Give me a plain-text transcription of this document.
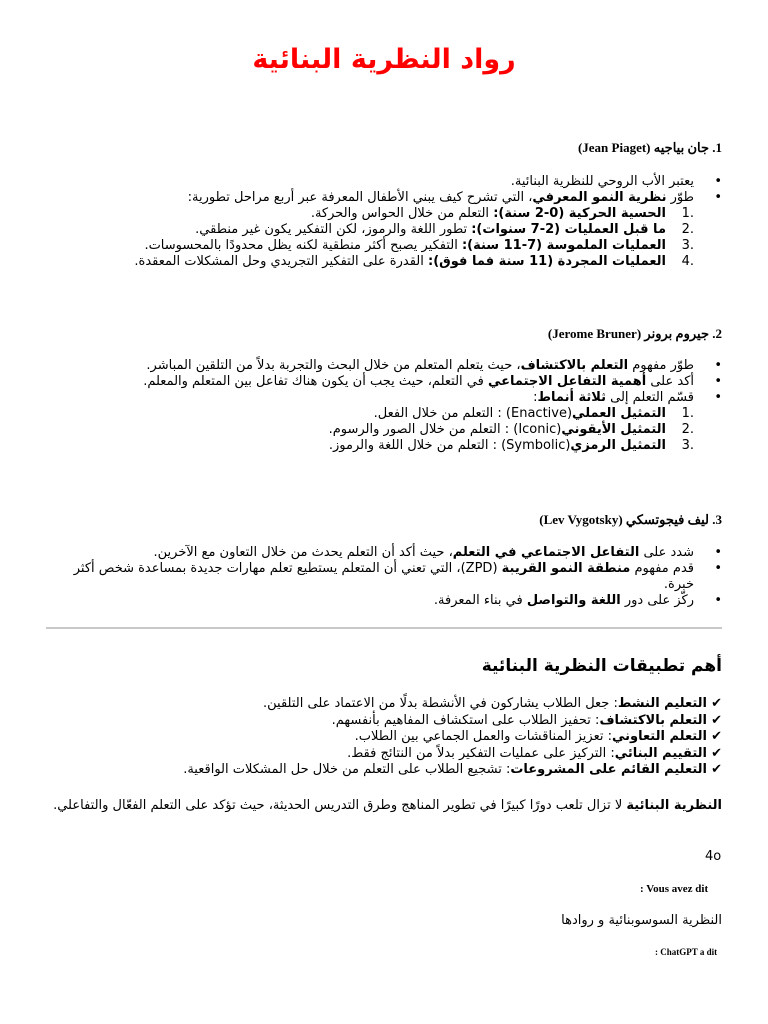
رواد النظرية البنائية
1. جان بياجيه (Jean Piaget)
• يعتبر الأب الروحي للنظرية البنائية.
• طوّر نظرية النمو المعرفي، التي تشرح كيف يبني الأطفال المعرفة عبر أربع مراحل تطورية:
1.
الحسية الحركية (0-2 سنة): التعلم من خلال الحواس والحركة.
2.
ما قبل العمليات (2-7 سنوات): تطور اللغة والرموز، لكن التفكير يكون غير منطقي.
3.
العمليات الملموسة (7-11 سنة): التفكير يصبح أكثر منطقية لكنه يظل محدودًا بالمحسوسات.
4.
العمليات المجردة (11 سنة فما فوق): القدرة على التفكير التجريدي وحل المشكلات المعقدة.
2. جيروم برونر (Jerome Bruner)
• طوّر مفهوم التعلم بالاكتشاف، حيث يتعلم المتعلم من خلال البحث والتجربة بدلاً من التلقين المباشر.
• أكد على أهمية التفاعل الاجتماعي في التعلم، حيث يجب أن يكون هناك تفاعل بين المتعلم والمعلم.
• قسّم التعلم إلى ثلاثة أنماط:
1.
التمثيل العملي (Enactive): التعلم من خلال الفعل.
2.
التمثيل الأيقوني (Iconic): التعلم من خلال الصور والرسوم.
3.
التمثيل الرمزي (Symbolic): التعلم من خلال اللغة والرموز.
3. ليف فيجوتسكي (Lev Vygotsky)
• شدد على التفاعل الاجتماعي في التعلم، حيث أكد أن التعلم يحدث من خلال التعاون مع الآخرين.
• قدم مفهوم منطقة النمو القريبة (ZPD)، التي تعني أن المتعلم يستطيع تعلم مهارات جديدة بمساعدة شخص أكثر خبرة.
• ركّز على دور اللغة والتواصل في بناء المعرفة.
أهم تطبيقات النظرية البنائية
✔ التعليم النشط: جعل الطلاب يشاركون في الأنشطة بدلًا من الاعتماد على التلقين.
✔ التعلم بالاكتشاف: تحفيز الطلاب على استكشاف المفاهيم بأنفسهم.
✔ التعلم التعاوني: تعزيز المناقشات والعمل الجماعي بين الطلاب.
✔ التقييم البنائي: التركيز على عمليات التفكير بدلاً من النتائج فقط.
✔ التعليم القائم على المشروعات: تشجيع الطلاب على التعلم من خلال حل المشكلات الواقعية.

النظرية البنائية لا تزال تلعب دورًا كبيرًا في تطوير المناهج وطرق التدريس الحديثة، حيث تؤكد على التعلم الفعّال والتفاعلي.

4o

: Vous avez dit

النظرية السوسوبنائية و روادها

: ChatGPT a dit
